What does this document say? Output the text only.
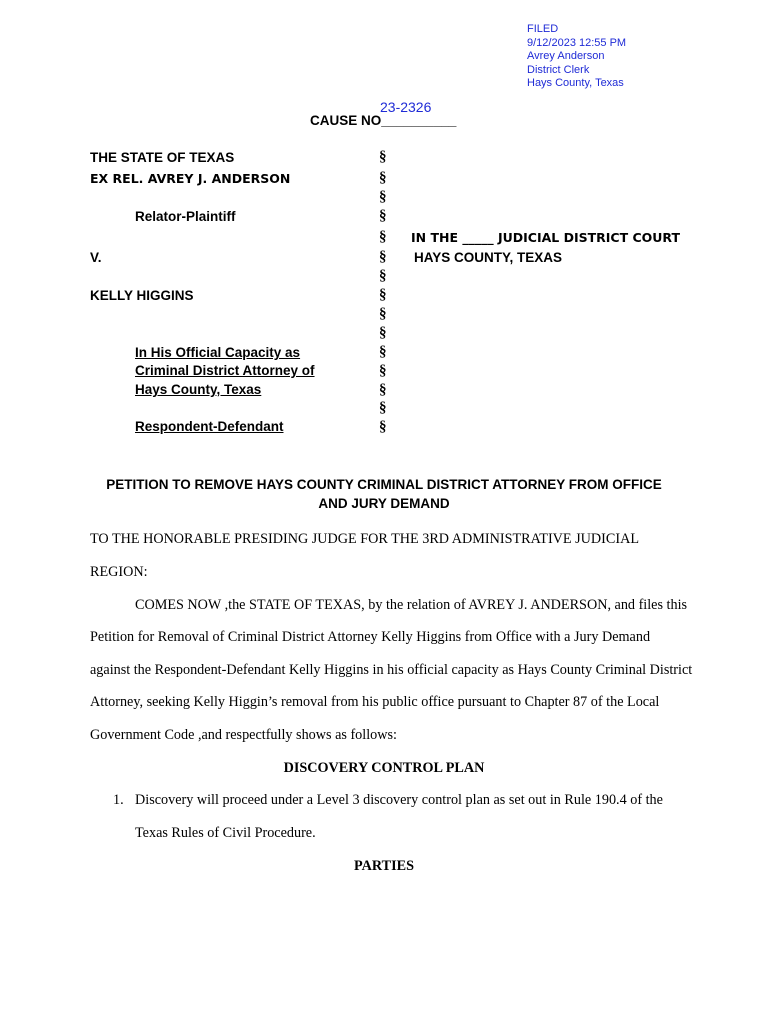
FILED
9/12/2023 12:55 PM
Avrey Anderson
District Clerk
Hays County, Texas
23-2326
CAUSE NO__________
THE STATE OF TEXAS
EX REL. AVREY J. ANDERSON
Relator-Plaintiff
V.
KELLY HIGGINS
In His Official Capacity as
Criminal District Attorney of
Hays County, Texas
Respondent-Defendant
§
§
§
§
§
§
§
§
§
§
§
§
§
§
§
IN THE _____ JUDICIAL DISTRICT COURT
HAYS COUNTY, TEXAS
PETITION TO REMOVE HAYS COUNTY CRIMINAL DISTRICT ATTORNEY FROM OFFICE
AND JURY DEMAND
TO THE HONORABLE PRESIDING JUDGE FOR THE 3RD ADMINISTRATIVE JUDICIAL
REGION:
COMES NOW ,the STATE OF TEXAS, by the relation of AVREY J. ANDERSON, and files this
Petition for Removal of Criminal District Attorney Kelly Higgins from Office with a Jury Demand
against the Respondent-Defendant Kelly Higgins in his official capacity as Hays County Criminal District
Attorney, seeking Kelly Higgin’s removal from his public office pursuant to Chapter 87 of the Local
Government Code ,and respectfully shows as follows:
DISCOVERY CONTROL PLAN
1. Discovery will proceed under a Level 3 discovery control plan as set out in Rule 190.4 of the
Texas Rules of Civil Procedure.
PARTIES
